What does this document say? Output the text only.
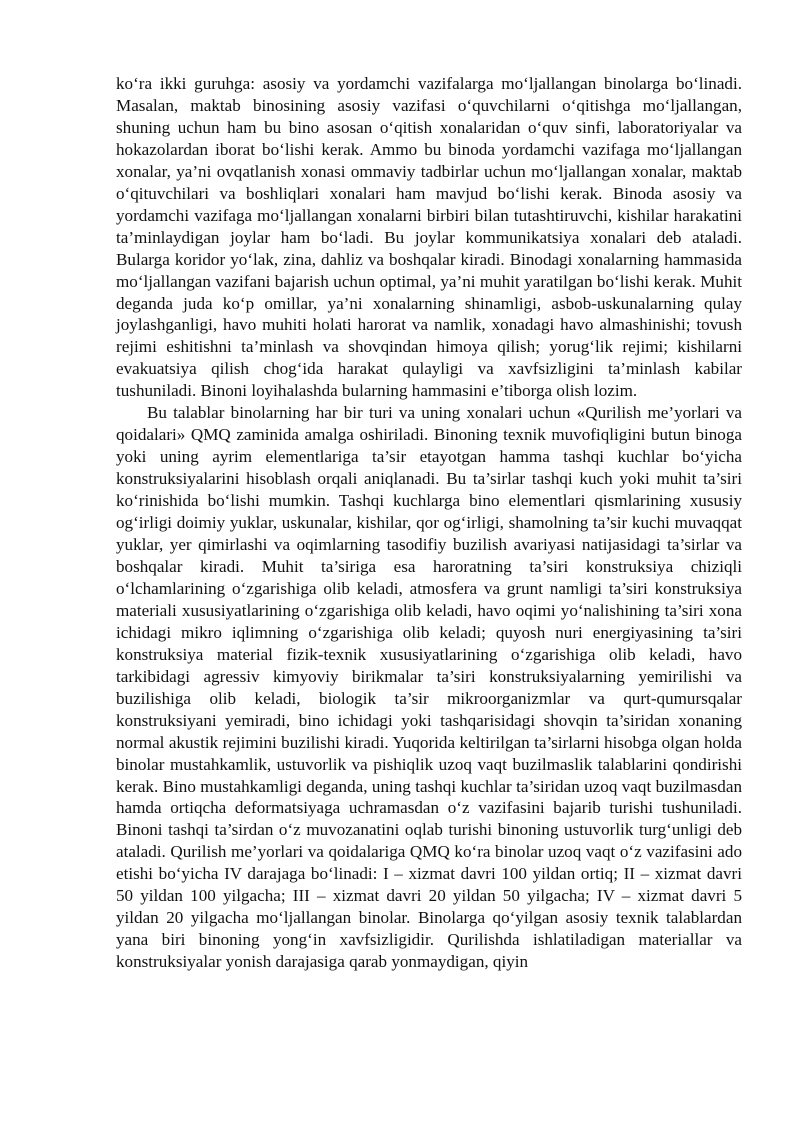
ko‘ra ikki guruhga: asosiy va yordamchi vazifalarga mo‘ljallangan binolarga bo‘linadi. Masalan, maktab binosining asosiy vazifasi o‘quvchilarni o‘qitishga mo‘ljallangan, shuning uchun ham bu bino asosan o‘qitish xonalaridan o‘quv sinfi, laboratoriyalar va hokazolardan iborat bo‘lishi kerak. Ammo bu binoda yordamchi vazifaga mo‘ljallangan xonalar, ya’ni ovqatlanish xonasi ommaviy tadbirlar uchun mo‘ljallangan xonalar, maktab o‘qituvchilari va boshliqlari xonalari ham mavjud bo‘lishi kerak. Binoda asosiy va yordamchi vazifaga mo‘ljallangan xonalarni birbiri bilan tutashtiruvchi, kishilar harakatini ta’minlaydigan joylar ham bo‘ladi. Bu joylar kommunikatsiya xonalari deb ataladi. Bularga koridor yo‘lak, zina, dahliz va boshqalar kiradi. Binodagi xonalarning hammasida mo‘ljallangan vazifani bajarish uchun optimal, ya’ni muhit yaratilgan bo‘lishi kerak. Muhit deganda juda ko‘p omillar, ya’ni xonalarning shinamligi, asbob-uskunalarning qulay joylashganligi, havo muhiti holati harorat va namlik, xonadagi havo almashinishi; tovush rejimi eshitishni ta’minlash va shovqindan himoya qilish; yorug‘lik rejimi; kishilarni evakuatsiya qilish chog‘ida harakat qulayligi va xavfsizligini ta’minlash kabilar tushuniladi. Binoni loyihalashda bularning hammasini e’tiborga olish lozim.

Bu talablar binolarning har bir turi va uning xonalari uchun «Qurilish me’yorlari va qoidalari» QMQ zaminida amalga oshiriladi. Binoning texnik muvofiqligini butun binoga yoki uning ayrim elementlariga ta’sir etayotgan hamma tashqi kuchlar bo‘yicha konstruksiyalarini hisoblash orqali aniqlanadi. Bu ta’sirlar tashqi kuch yoki muhit ta’siri ko‘rinishida bo‘lishi mumkin. Tashqi kuchlarga bino elementlari qismlarining xususiy og‘irligi doimiy yuklar, uskunalar, kishilar, qor og‘irligi, shamolning ta’sir kuchi muvaqqat yuklar, yer qimirlashi va oqimlarning tasodifiy buzilish avariyasi natijasidagi ta’sirlar va boshqalar kiradi. Muhit ta’siriga esa haroratning ta’siri konstruksiya chiziqli o‘lchamlarining o‘zgarishiga olib keladi, atmosfera va grunt namligi ta’siri konstruksiya materiali xususiyatlarining o‘zgarishiga olib keladi, havo oqimi yo‘nalishining ta’siri xona ichidagi mikro iqlimning o‘zgarishiga olib keladi; quyosh nuri energiyasining ta’siri konstruksiya material fizik-texnik xususiyatlarining o‘zgarishiga olib keladi, havo tarkibidagi agressiv kimyoviy birikmalar ta’siri konstruksiyalarning yemirilishi va buzilishiga olib keladi, biologik ta’sir mikroorganizmlar va qurt-qumursqalar konstruksiyani yemiradi, bino ichidagi yoki tashqarisidagi shovqin ta’siridan xonaning normal akustik rejimini buzilishi kiradi. Yuqorida keltirilgan ta’sirlarni hisobga olgan holda binolar mustahkamlik, ustuvorlik va pishiqlik uzoq vaqt buzilmaslik talablarini qondirishi kerak. Bino mustahkamligi deganda, uning tashqi kuchlar ta’siridan uzoq vaqt buzilmasdan hamda ortiqcha deformatsiyaga uchramasdan o‘z vazifasini bajarib turishi tushuniladi. Binoni tashqi ta’sirdan o‘z muvozanatini oqlab turishi binoning ustuvorlik turg‘unligi deb ataladi. Qurilish me’yorlari va qoidalariga QMQ ko‘ra binolar uzoq vaqt o‘z vazifasini ado etishi bo‘yicha IV darajaga bo‘linadi: I – xizmat davri 100 yildan ortiq; II – xizmat davri 50 yildan 100 yilgacha; III – xizmat davri 20 yildan 50 yilgacha; IV – xizmat davri 5 yildan 20 yilgacha mo‘ljallangan binolar. Binolarga qo‘yilgan asosiy texnik talablardan yana biri binoning yong‘in xavfsizligidir. Qurilishda ishlatiladigan materiallar va konstruksiyalar yonish darajasiga qarab yonmaydigan, qiyin
